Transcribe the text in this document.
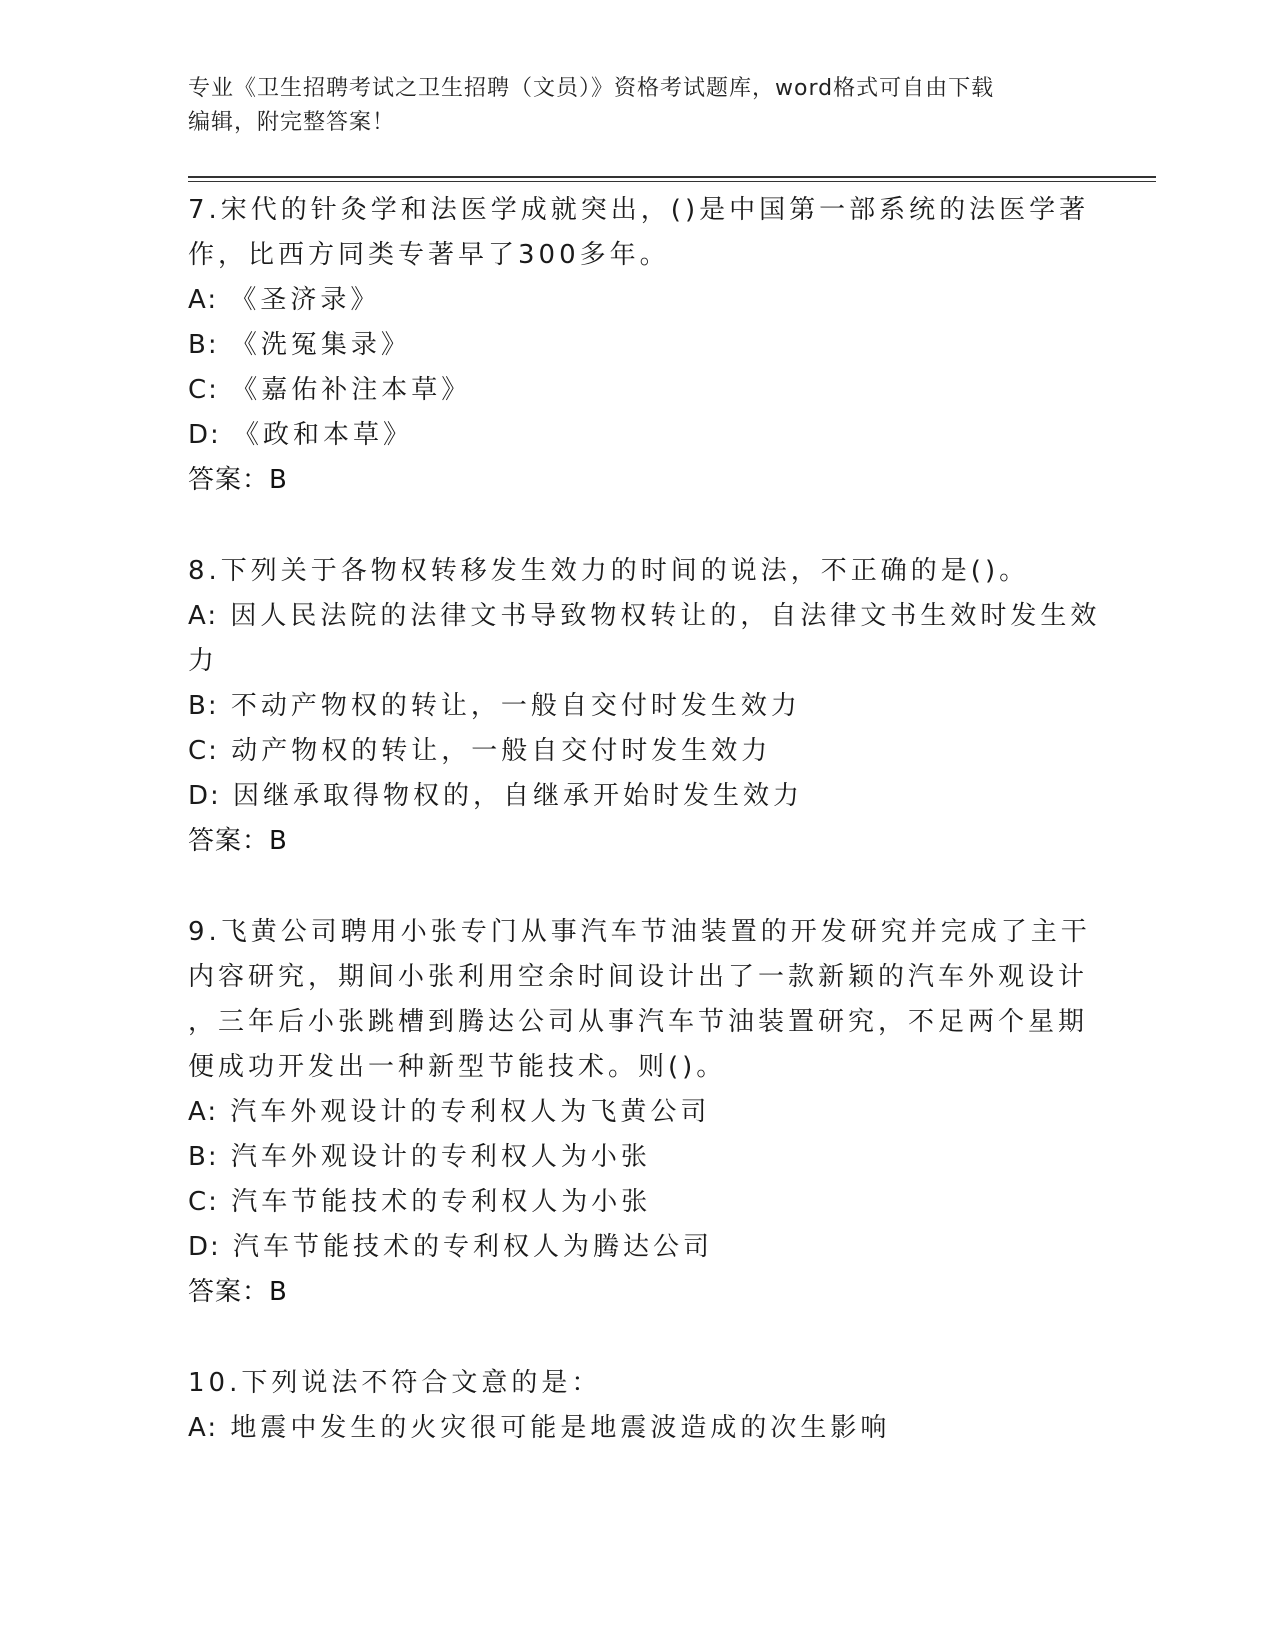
专业《卫生招聘考试之卫生招聘（文员）》资格考试题库，word格式可自由下载
编辑，附完整答案！

7.宋代的针灸学和法医学成就突出，()是中国第一部系统的法医学著

作，比西方同类专著早了300多年。

A: 《圣济录》

B: 《洗冤集录》

C: 《嘉佑补注本草》

D: 《政和本草》

答案：B

8.下列关于各物权转移发生效力的时间的说法，不正确的是()。

A: 因人民法院的法律文书导致物权转让的，自法律文书生效时发生效

力

B: 不动产物权的转让，一般自交付时发生效力

C: 动产物权的转让，一般自交付时发生效力

D: 因继承取得物权的，自继承开始时发生效力

答案：B

9.飞黄公司聘用小张专门从事汽车节油装置的开发研究并完成了主干

内容研究，期间小张利用空余时间设计出了一款新颖的汽车外观设计

，三年后小张跳槽到腾达公司从事汽车节油装置研究，不足两个星期

便成功开发出一种新型节能技术。则()。

A: 汽车外观设计的专利权人为飞黄公司

B: 汽车外观设计的专利权人为小张

C: 汽车节能技术的专利权人为小张

D: 汽车节能技术的专利权人为腾达公司

答案：B

10.下列说法不符合文意的是：

A: 地震中发生的火灾很可能是地震波造成的次生影响
